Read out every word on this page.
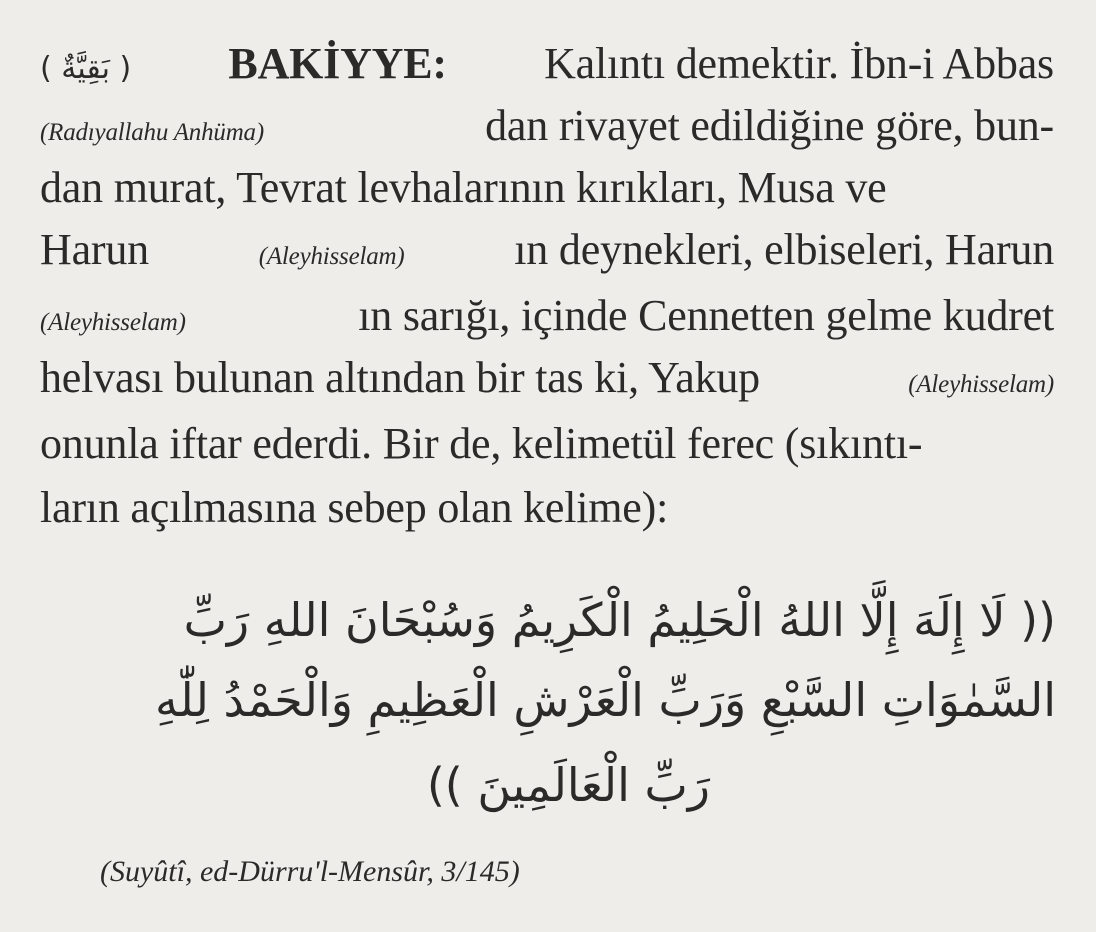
( بَقِيَّةٌ ) BAKİYYE: Kalıntı demektir. İbn-i Abbas
(Radıyallahu Anhüma)	dan rivayet edildiğine göre, bun-
dan murat, Tevrat levhalarının kırıkları, Musa ve
Harun	(Aleyhisselam) ın deynekleri, elbiseleri, Harun
(Aleyhisselam)	ın sarığı, içinde Cennetten gelme kudret
helvası bulunan altından bir tas ki, Yakup	(Aleyhisselam)
onunla iftar ederdi. Bir de, kelimetül ferec (sıkıntı-
ların açılmasına sebep olan kelime):
(( لَا إِلَهَ إِلَّا اللهُ الْحَلِيمُ الْكَرِيمُ وَسُبْحَانَ اللهِ رَبِّ
السَّمٰوَاتِ السَّبْعِ وَرَبِّ الْعَرْشِ الْعَظِيمِ وَالْحَمْدُ لِلّٰهِ
رَبِّ الْعَالَمِينَ ))
(Suyûtî, ed-Dürru'l-Mensûr, 3/145)
